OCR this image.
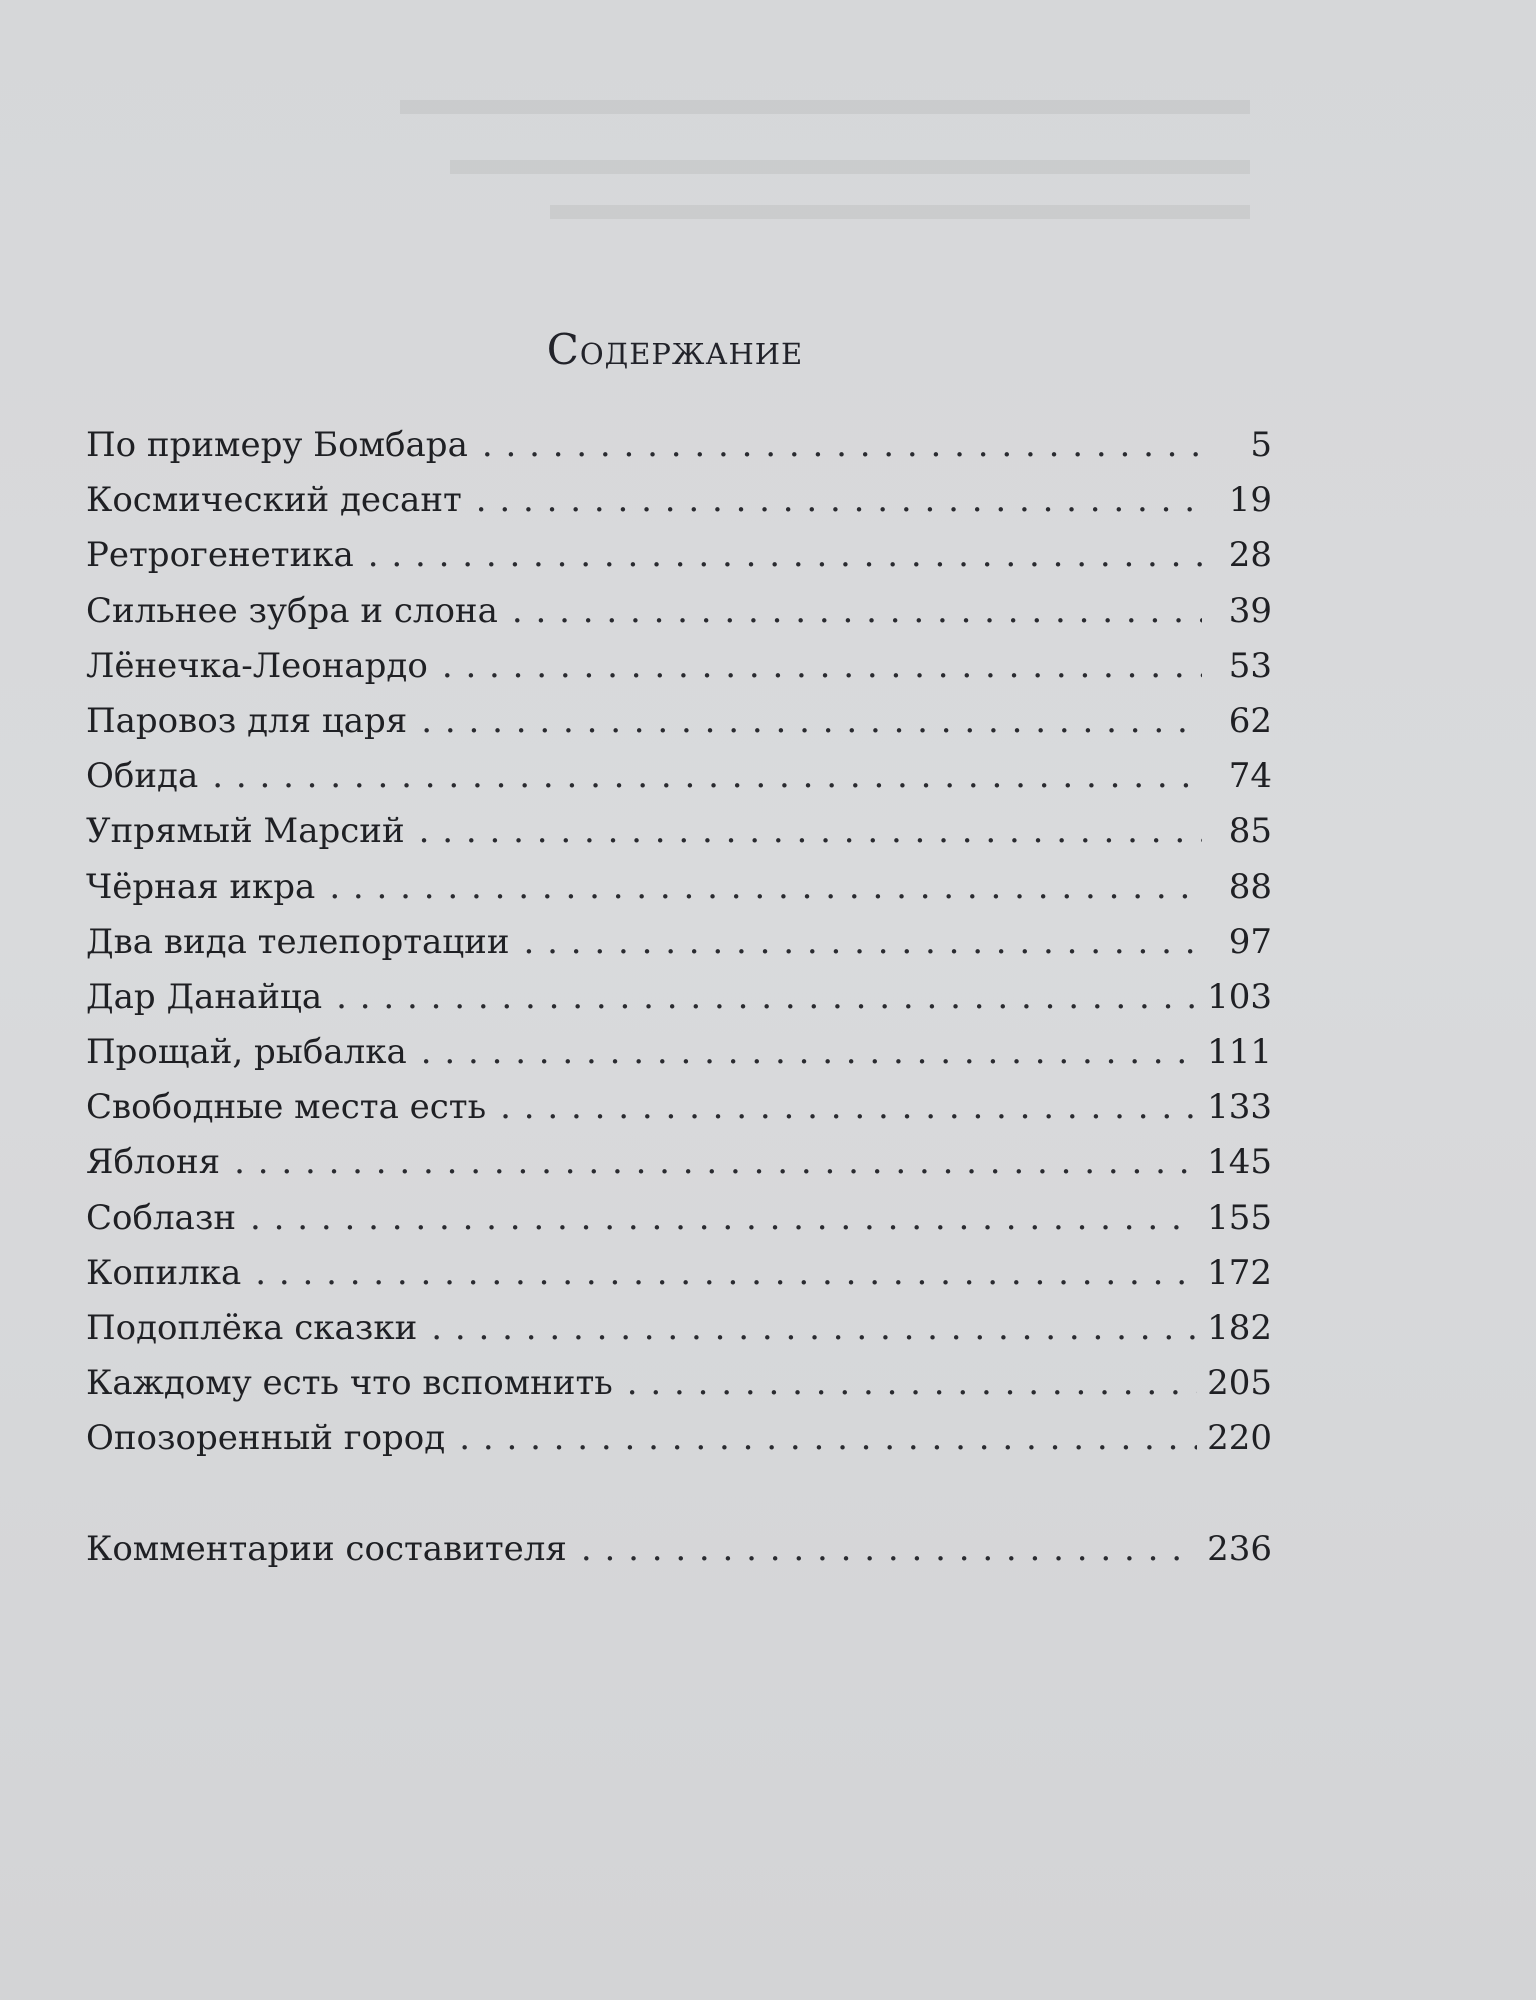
Содержание
По примеру Бомбара . . .	5
Космический десант . . .	19
Ретрогенетика . . .	28
Сильнее зубра и слона . . .	39
Лёнечка-Леонардо . . .	53
Паровоз для царя . . .	62
Обида . . .	74
Упрямый Марсий . . .	85
Чёрная икра . . .	88
Два вида телепортации . . .	97
Дар Данайца . . .	103
Прощай, рыбалка . . .	111
Свободные места есть . . .	133
Яблоня . . .	145
Соблазн . . .	155
Копилка . . .	172
Подоплёка сказки . . .	182
Каждому есть что вспомнить . . .	205
Опозоренный город . . .	220
Комментарии составителя . . .	236
